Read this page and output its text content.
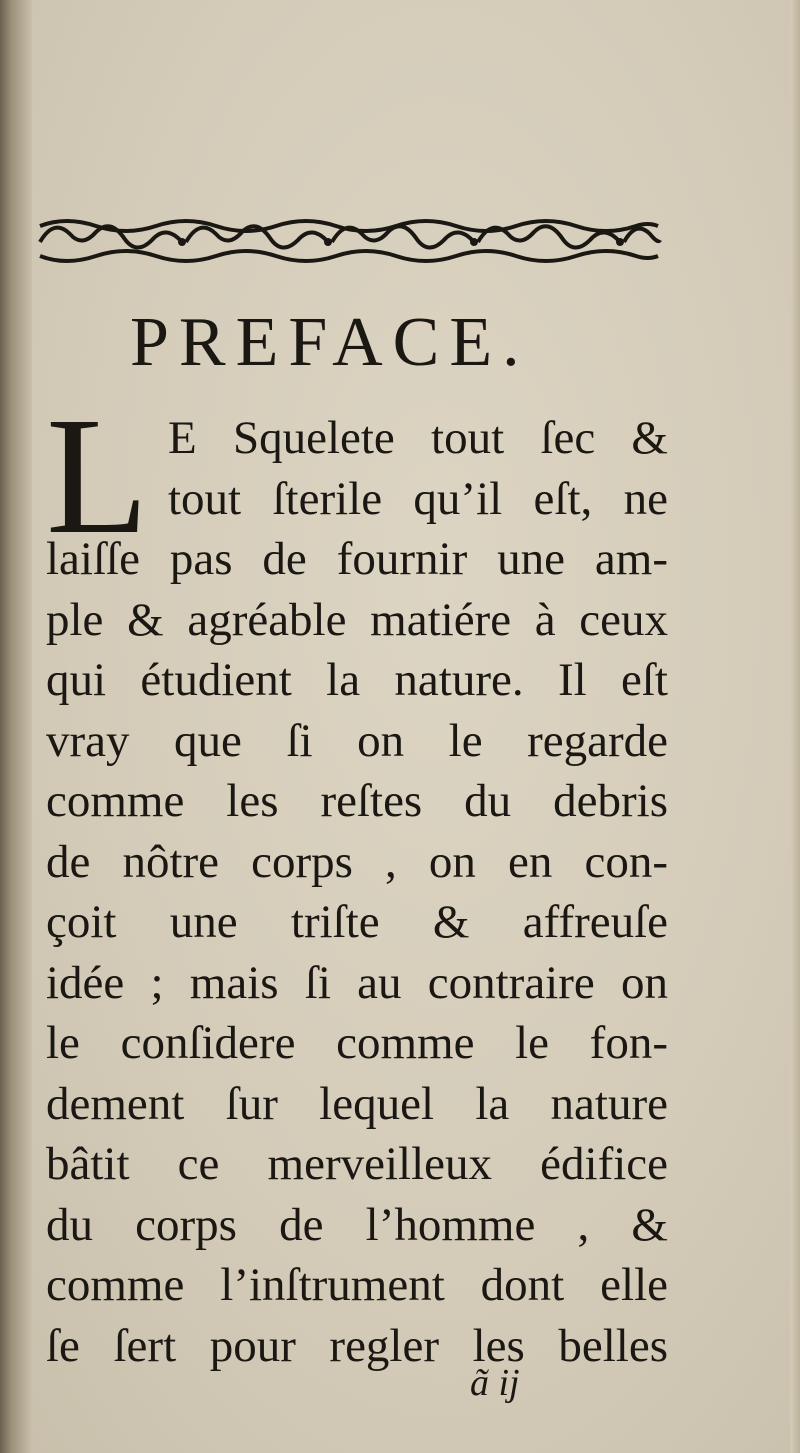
PREFACE.
L E Squelete tout ſec &
tout ſterile qu’il eſt, ne
laiſſe pas de fournir une am-
ple & agréable matiére à ceux
qui étudient la nature. Il eſt
vray que ſi on le regarde
comme les reſtes du debris
de nôtre corps , on en con-
çoit une triſte & affreuſe
idée ; mais ſi au contraire on
le conſidere comme le fon-
dement ſur lequel la nature
bâtit ce merveilleux édifice
du corps de l’homme , &
comme l’inſtrument dont elle
ſe ſert pour regler les belles
ã ij
